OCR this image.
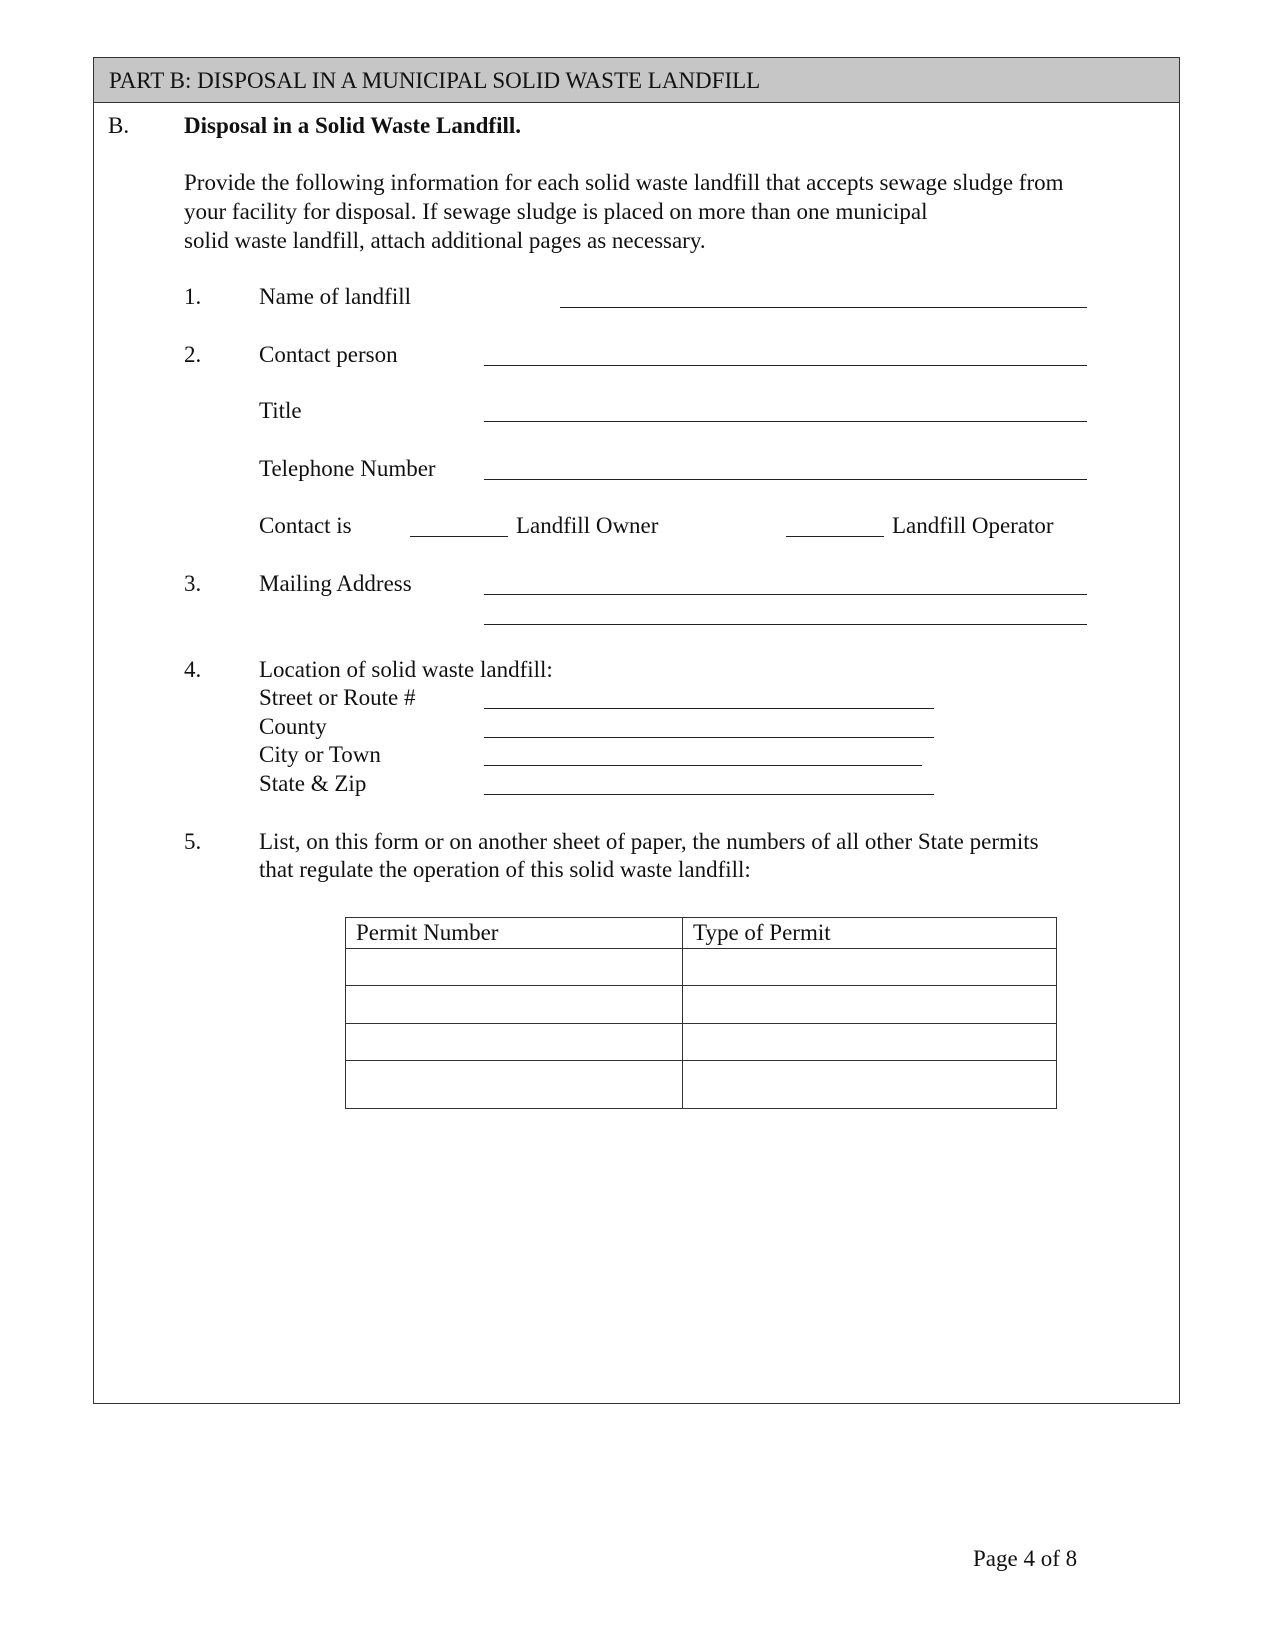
PART B: DISPOSAL IN A MUNICIPAL SOLID WASTE LANDFILL
B. Disposal in a Solid Waste Landfill.
Provide the following information for each solid waste landfill that accepts sewage sludge from
your facility for disposal. If sewage sludge is placed on more than one municipal
solid waste landfill, attach additional pages as necessary.
1.	Name of landfill
2.	Contact person
Title
Telephone Number
Contact is	Landfill Owner	Landfill Operator
3.	Mailing Address
4.	Location of solid waste landfill:
Street or Route #
County
City or Town
State & Zip
5.	List, on this form or on another sheet of paper, the numbers of all other State permits
that regulate the operation of this solid waste landfill:
Permit Number	Type of Permit

Page 4 of 8
